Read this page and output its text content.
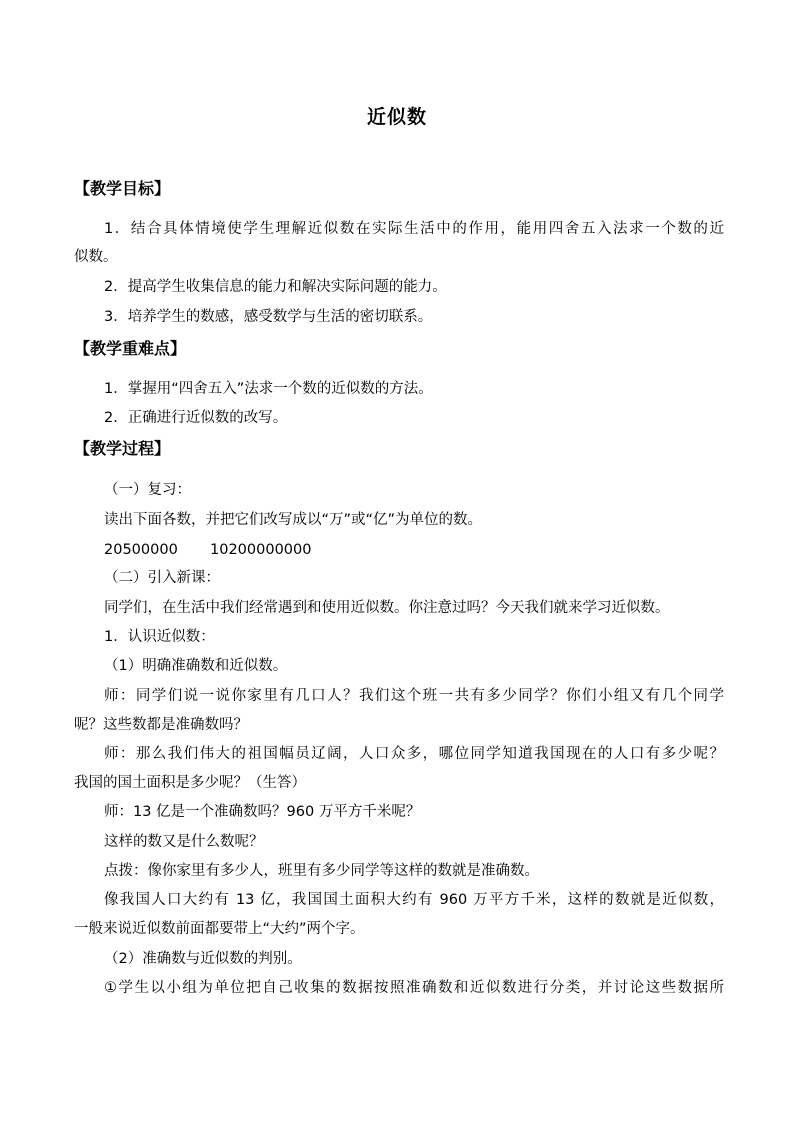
近似数
【教学目标】
1．结合具体情境使学生理解近似数在实际生活中的作用，能用四舍五入法求一个数的近
似数。
2．提高学生收集信息的能力和解决实际问题的能力。
3．培养学生的数感，感受数学与生活的密切联系。
【教学重难点】
1．掌握用“四舍五入”法求一个数的近似数的方法。
2．正确进行近似数的改写。
【教学过程】
（一）复习：
读出下面各数，并把它们改写成以“万”或“亿”为单位的数。
20500000 10200000000
（二）引入新课：
同学们，在生活中我们经常遇到和使用近似数。你注意过吗？今天我们就来学习近似数。
1．认识近似数：
（1）明确准确数和近似数。
师：同学们说一说你家里有几口人？我们这个班一共有多少同学？你们小组又有几个同学
呢？这些数都是准确数吗？
师：那么我们伟大的祖国幅员辽阔，人口众多，哪位同学知道我国现在的人口有多少呢？
我国的国土面积是多少呢？（生答）
师：13 亿是一个准确数吗？960 万平方千米呢？
这样的数又是什么数呢？
点拨：像你家里有多少人，班里有多少同学等这样的数就是准确数。
像我国人口大约有 13 亿，我国国土面积大约有 960 万平方千米，这样的数就是近似数，
一般来说近似数前面都要带上“大约”两个字。
（2）准确数与近似数的判别。
①学生以小组为单位把自己收集的数据按照准确数和近似数进行分类，并讨论这些数据所
